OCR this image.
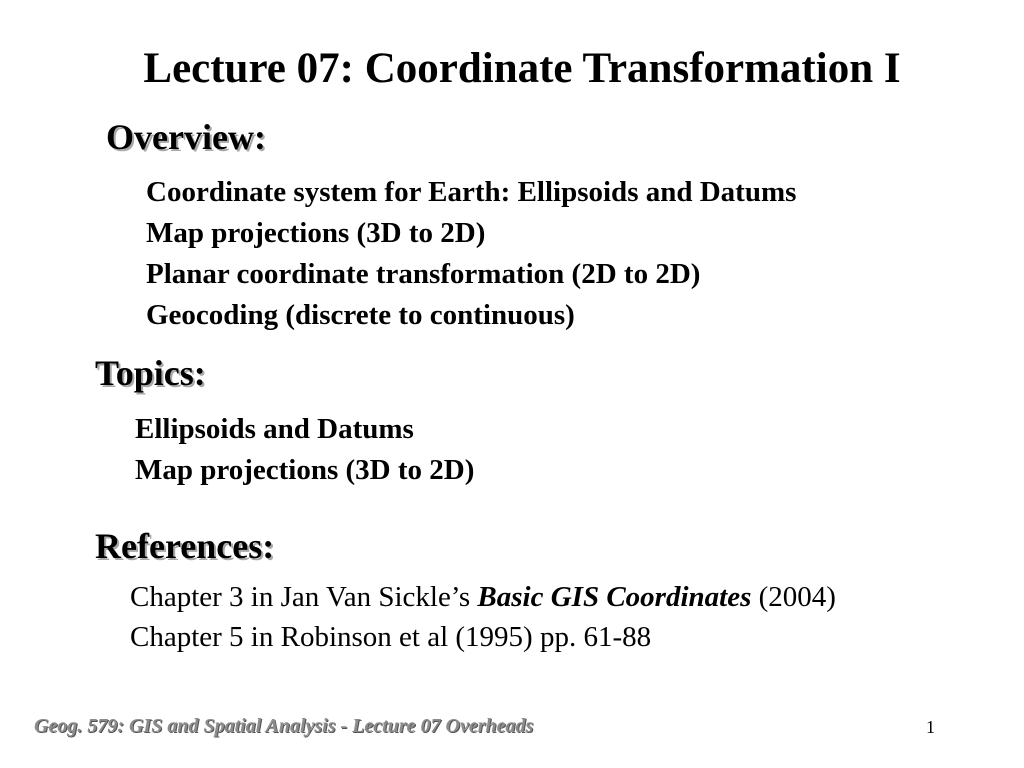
Lecture 07: Coordinate Transformation I
Overview:
Coordinate system for Earth: Ellipsoids and Datums
Map projections (3D to 2D)
Planar coordinate transformation (2D to 2D)
Geocoding (discrete to continuous)
Topics:
Ellipsoids and Datums
Map projections (3D to 2D)
References:
Chapter 3 in Jan Van Sickle’s Basic GIS Coordinates (2004)
Chapter 5 in Robinson et al (1995) pp. 61-88
Geog. 579: GIS and Spatial Analysis - Lecture 07 Overheads	1
